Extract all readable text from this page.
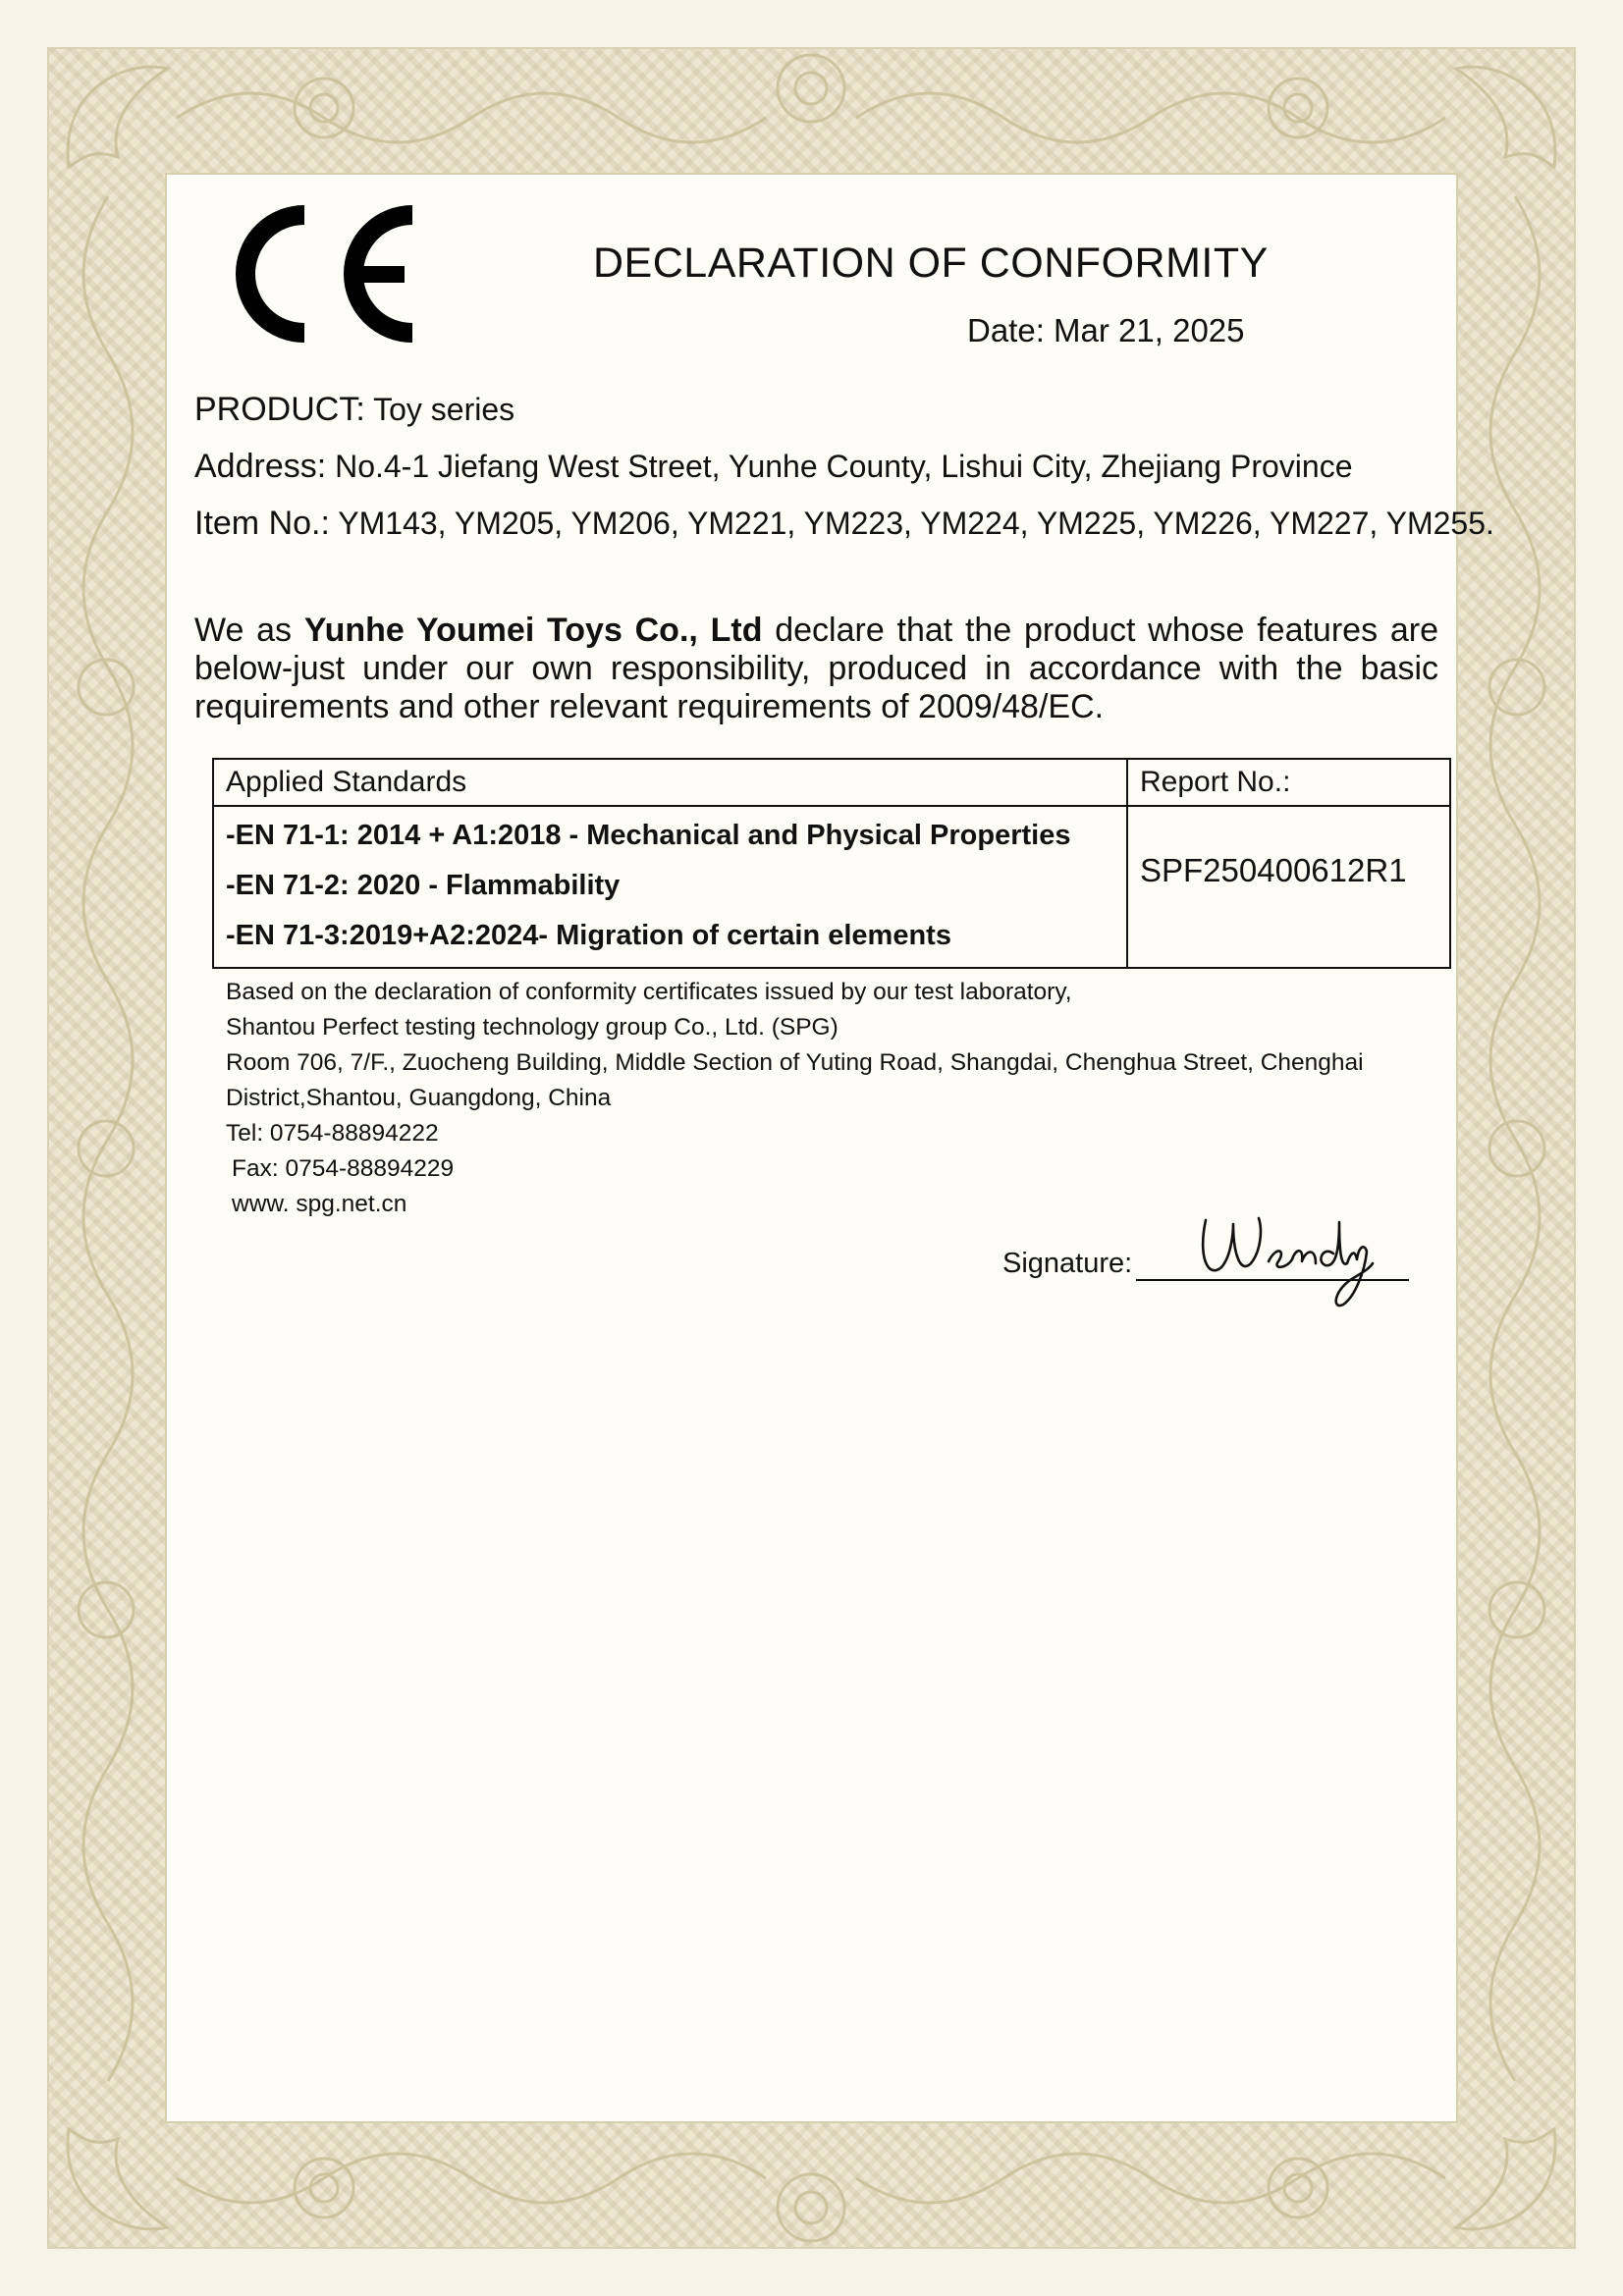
DECLARATION OF CONFORMITY
Date: Mar 21, 2025
PRODUCT: Toy series
Address: No.4-1 Jiefang West Street, Yunhe County, Lishui City, Zhejiang Province
Item No.: YM143, YM205, YM206, YM221, YM223, YM224, YM225, YM226, YM227, YM255.
We as Yunhe Youmei Toys Co., Ltd declare that the product whose features are below-just under our own responsibility, produced in accordance with the basic requirements and other relevant requirements of 2009/48/EC.
Applied Standards	Report No.:

-EN 71-1: 2014 + A1:2018 - Mechanical and Physical Properties
-EN 71-2: 2020 - Flammability
-EN 71-3:2019+A2:2024- Migration of certain elements	SPF250400612R1
Based on the declaration of conformity certificates issued by our test laboratory,
Shantou Perfect testing technology group Co., Ltd. (SPG)
Room 706, 7/F., Zuocheng Building, Middle Section of Yuting Road, Shangdai, Chenghua Street, Chenghai
District,Shantou, Guangdong, China
Tel: 0754-88894222
Fax: 0754-88894229
www. spg.net.cn
Signature:
